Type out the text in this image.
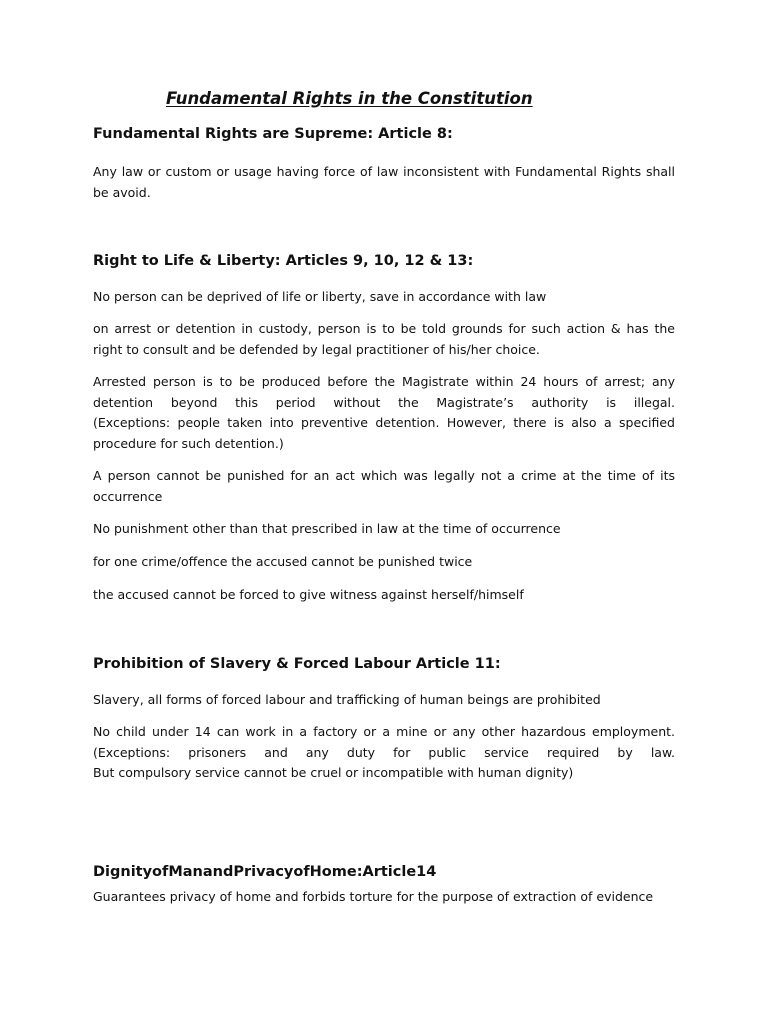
Fundamental Rights in the Constitution
Fundamental Rights are Supreme: Article 8:
Any law or custom or usage having force of law inconsistent with Fundamental Rights shall
be avoid.
Right to Life & Liberty: Articles 9, 10, 12 & 13:
No person can be deprived of life or liberty, save in accordance with law
on arrest or detention in custody, person is to be told grounds for such action & has the
right to consult and be defended by legal practitioner of his/her choice.
Arrested person is to be produced before the Magistrate within 24 hours of arrest; any
detention beyond this period without the Magistrate’s authority is illegal.
(Exceptions: people taken into preventive detention. However, there is also a specified
procedure for such detention.)
A person cannot be punished for an act which was legally not a crime at the time of its
occurrence
No punishment other than that prescribed in law at the time of occurrence
for one crime/offence the accused cannot be punished twice
the accused cannot be forced to give witness against herself/himself
Prohibition of Slavery & Forced Labour Article 11:
Slavery, all forms of forced labour and trafficking of human beings are prohibited
No child under 14 can work in a factory or a mine or any other hazardous employment.
(Exceptions: prisoners and any duty for public service required by law.
But compulsory service cannot be cruel or incompatible with human dignity)
DignityofManandPrivacyofHome:Article14
Guarantees privacy of home and forbids torture for the purpose of extraction of evidence
